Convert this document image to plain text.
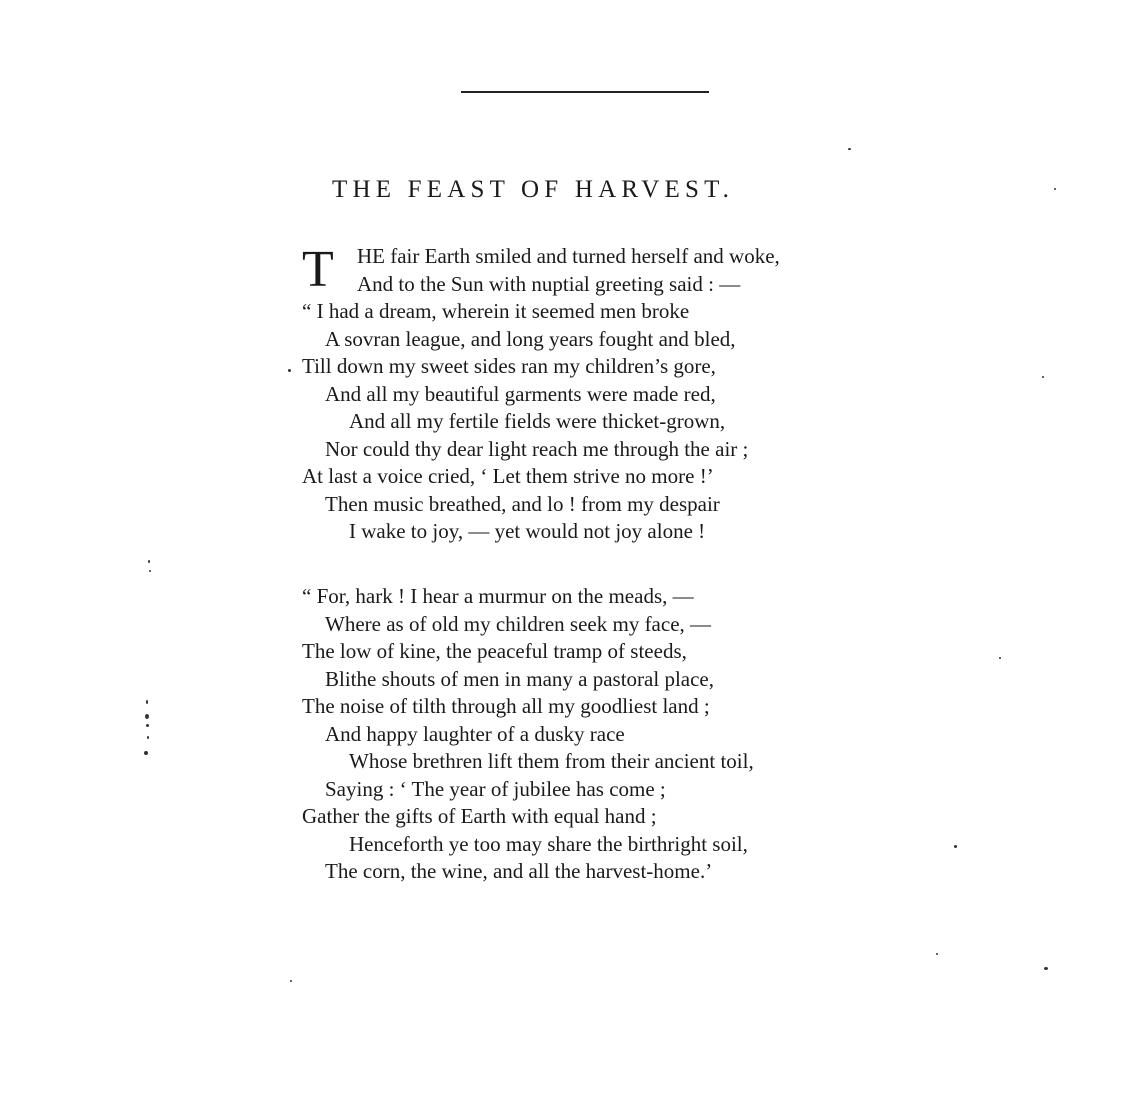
THE FEAST OF HARVEST.
T HE fair Earth smiled and turned herself and woke,
And to the Sun with nuptial greeting said : —
“ I had a dream, wherein it seemed men broke
A sovran league, and long years fought and bled,
Till down my sweet sides ran my children’s gore,
And all my beautiful garments were made red,
And all my fertile fields were thicket-grown,
Nor could thy dear light reach me through the air ;
At last a voice cried, ‘ Let them strive no more !’
Then music breathed, and lo ! from my despair
I wake to joy, — yet would not joy alone !
“ For, hark ! I hear a murmur on the meads, —
Where as of old my children seek my face, —
The low of kine, the peaceful tramp of steeds,
Blithe shouts of men in many a pastoral place,
The noise of tilth through all my goodliest land ;
And happy laughter of a dusky race
Whose brethren lift them from their ancient toil,
Saying : ‘ The year of jubilee has come ;
Gather the gifts of Earth with equal hand ;
Henceforth ye too may share the birthright soil,
The corn, the wine, and all the harvest-home.’
